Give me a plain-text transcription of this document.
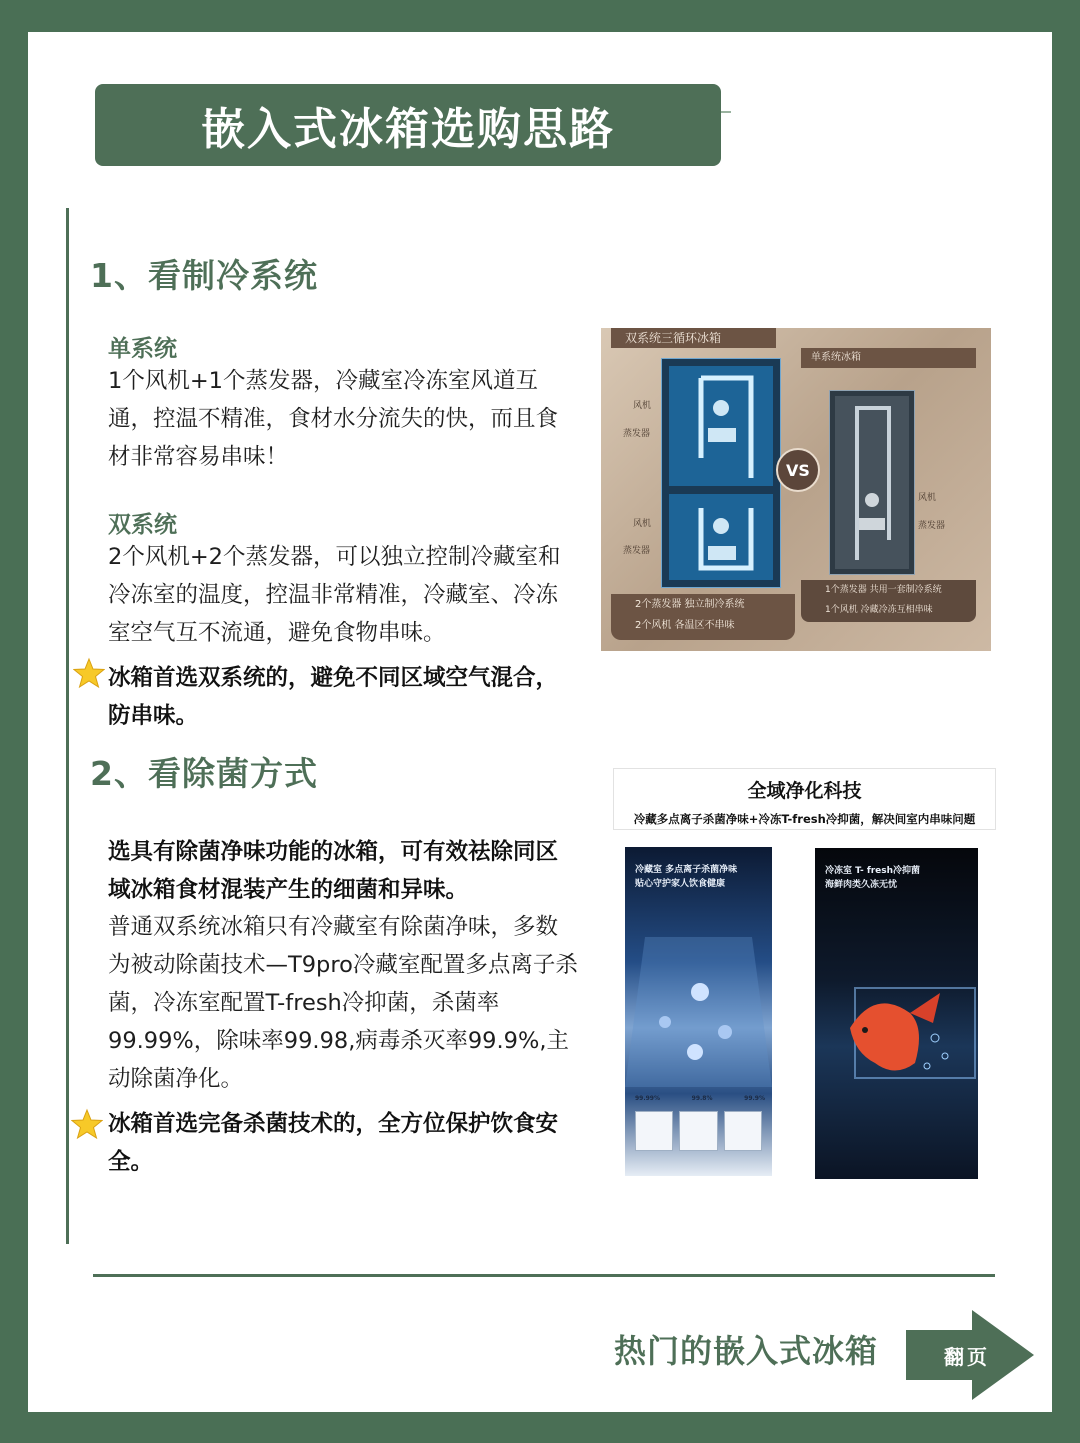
嵌入式冰箱选购思路
1、看制冷系统
单系统
1个风机+1个蒸发器，冷藏室冷冻室风道互通，控温不精准，食材水分流失的快，而且食材非常容易串味！
双系统
2个风机+2个蒸发器，可以独立控制冷藏室和冷冻室的温度，控温非常精准，冷藏室、冷冻室空气互不流通，避免食物串味。
冰箱首选双系统的，避免不同区域空气混合，防串味。
2、看除菌方式
选具有除菌净味功能的冰箱，可有效祛除同区域冰箱食材混装产生的细菌和异味。
普通双系统冰箱只有冷藏室有除菌净味，多数为被动除菌技术—T9pro冷藏室配置多点离子杀菌，冷冻室配置T-fresh冷抑菌，杀菌率99.99%，除味率99.98,病毒杀灭率99.9%,主动除菌净化。
冰箱首选完备杀菌技术的，全方位保护饮食安全。
双系统三循环冰箱
单系统冰箱
风机
蒸发器
风机
蒸发器
VS
风机
蒸发器
2个蒸发器 独立制冷系统
2个风机 各温区不串味
1个蒸发器 共用一套制冷系统
1个风机 冷藏冷冻互相串味
全域净化科技
冷藏多点离子杀菌净味+冷冻T-fresh冷抑菌，解决间室内串味问题
冷藏室 多点离子杀菌净味
贴心守护家人饮食健康
99.99%	99.8%	99.9%
冷冻室 T- fresh冷抑菌
海鲜肉类久冻无忧
热门的嵌入式冰箱	翻页
